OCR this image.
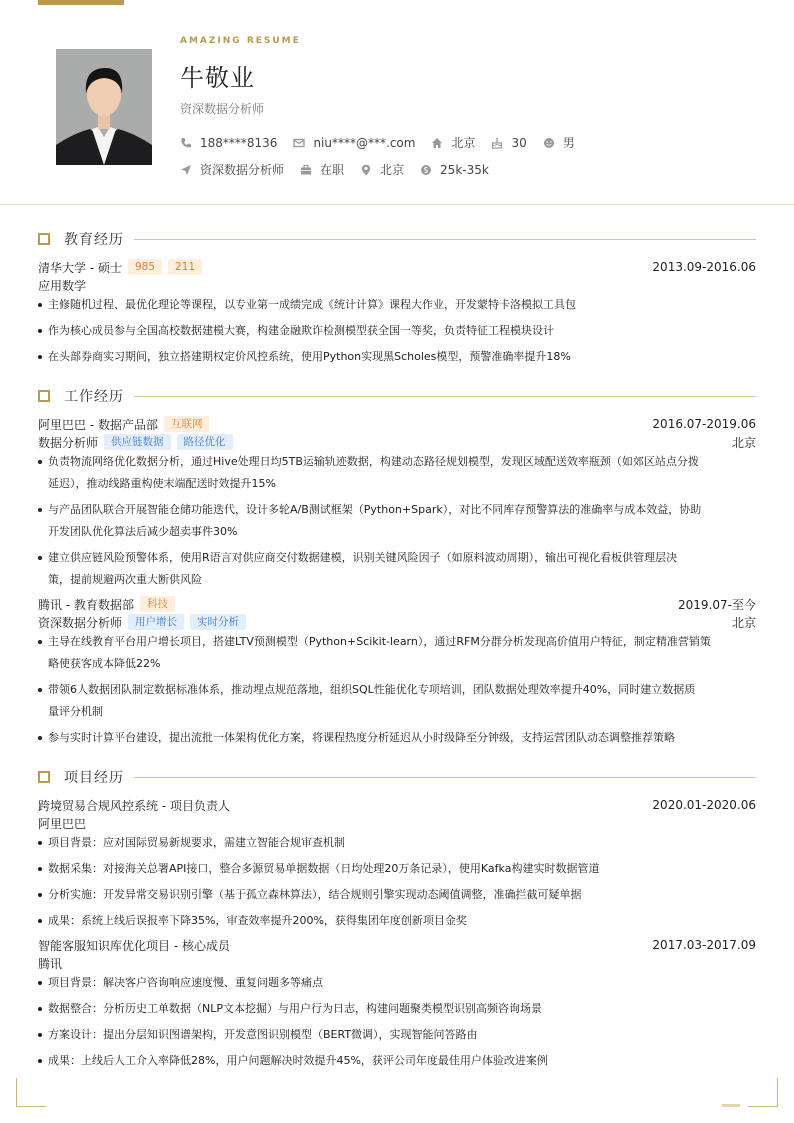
AMAZING RESUME
牛敬业
资深数据分析师
188****8136	niu****@***.com	北京	30	男
资深数据分析师	在职	北京	25k-35k
教育经历
清华大学 - 硕士	985	211	2013.09-2016.06
应用数学
主修随机过程、最优化理论等课程，以专业第一成绩完成《统计计算》课程大作业，开发蒙特卡洛模拟工具包
作为核心成员参与全国高校数据建模大赛，构建金融欺诈检测模型获全国一等奖，负责特征工程模块设计
在头部券商实习期间，独立搭建期权定价风控系统，使用Python实现黑Scholes模型，预警准确率提升18%
工作经历
阿里巴巴 - 数据产品部	互联网	2016.07-2019.06
数据分析师	供应链数据	路径优化	北京
负责物流网络优化数据分析，通过Hive处理日均5TB运输轨迹数据，构建动态路径规划模型，发现区域配送效率瓶颈（如郊区站点分拨
延迟），推动线路重构使末端配送时效提升15%
与产品团队联合开展智能仓储功能迭代，设计多轮A/B测试框架（Python+Spark），对比不同库存预警算法的准确率与成本效益，协助
开发团队优化算法后减少超卖事件30%
建立供应链风险预警体系，使用R语言对供应商交付数据建模，识别关键风险因子（如原料波动周期），输出可视化看板供管理层决
策，提前规避两次重大断供风险
腾讯 - 教育数据部	科技	2019.07-至今
资深数据分析师	用户增长	实时分析	北京
主导在线教育平台用户增长项目，搭建LTV预测模型（Python+Scikit-learn），通过RFM分群分析发现高价值用户特征，制定精准营销策
略使获客成本降低22%
带领6人数据团队制定数据标准体系，推动埋点规范落地，组织SQL性能优化专项培训，团队数据处理效率提升40%，同时建立数据质
量评分机制
参与实时计算平台建设，提出流批一体架构优化方案，将课程热度分析延迟从小时级降至分钟级，支持运营团队动态调整推荐策略
项目经历
跨境贸易合规风控系统 - 项目负责人	2020.01-2020.06
阿里巴巴
项目背景：应对国际贸易新规要求，需建立智能合规审查机制
数据采集：对接海关总署API接口，整合多源贸易单据数据（日均处理20万条记录），使用Kafka构建实时数据管道
分析实施：开发异常交易识别引擎（基于孤立森林算法），结合规则引擎实现动态阈值调整，准确拦截可疑单据
成果：系统上线后误报率下降35%，审查效率提升200%，获得集团年度创新项目金奖
智能客服知识库优化项目 - 核心成员	2017.03-2017.09
腾讯
项目背景：解决客户咨询响应速度慢、重复问题多等痛点
数据整合：分析历史工单数据（NLP文本挖掘）与用户行为日志，构建问题聚类模型识别高频咨询场景
方案设计：提出分层知识图谱架构，开发意图识别模型（BERT微调），实现智能问答路由
成果：上线后人工介入率降低28%，用户问题解决时效提升45%，获评公司年度最佳用户体验改进案例
